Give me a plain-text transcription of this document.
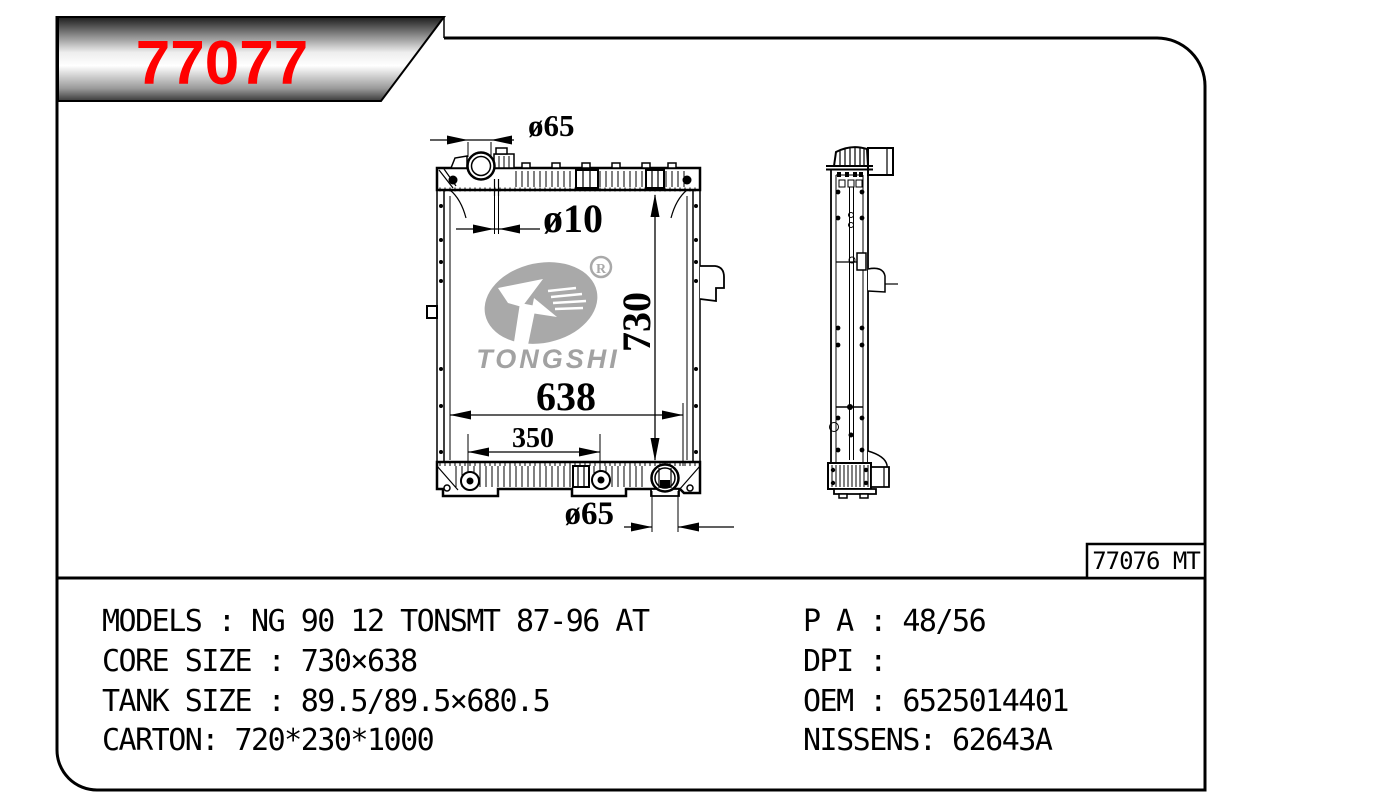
77077
R
TONGSHI
ø65
ø10
730
638
350
ø65
77076 MT
MODELS : NG 90 12 TONSMT 87-96 AT
CORE SIZE : 730×638
TANK SIZE : 89.5/89.5×680.5
CARTON: 720*230*1000
P A : 48/56
DPI :
OEM : 6525014401
NISSENS: 62643A
